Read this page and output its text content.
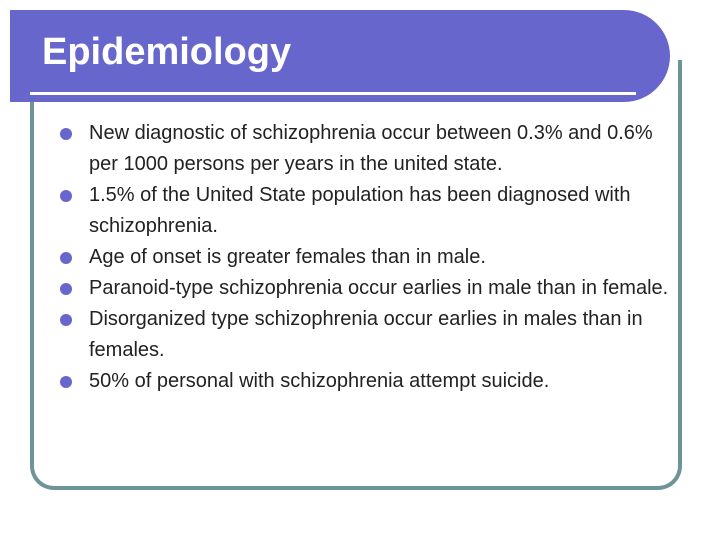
Epidemiology
New diagnostic of schizophrenia occur between 0.3% and 0.6% per 1000 persons per years in the united state.
1.5% of the United State population has been diagnosed with schizophrenia.
Age of onset is greater females than in male.
Paranoid-type schizophrenia occur earlies in male than in female.
Disorganized type schizophrenia occur earlies in males than in females.
50% of personal with schizophrenia attempt suicide.
